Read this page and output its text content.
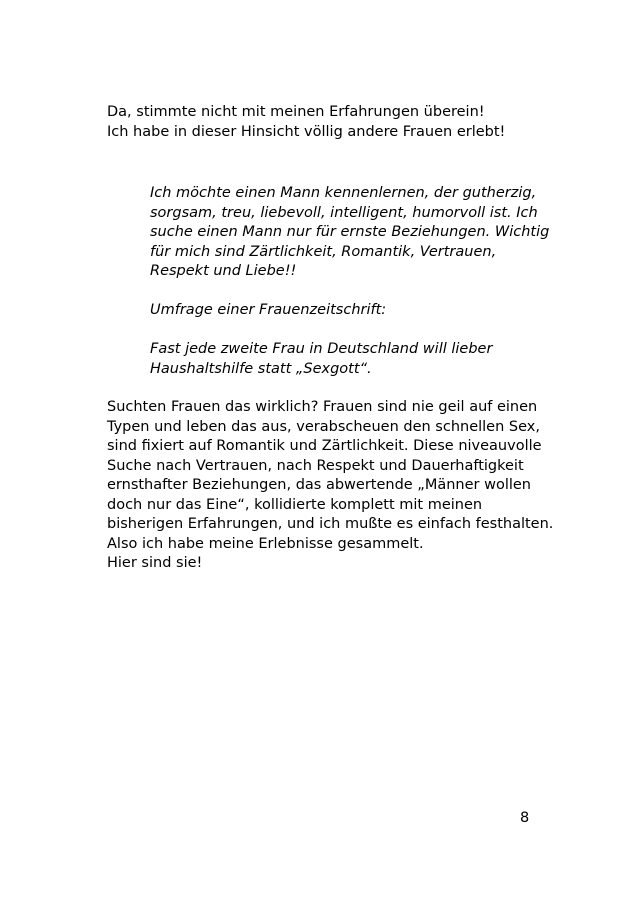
Da, stimmte nicht mit meinen Erfahrungen überein!
Ich habe in dieser Hinsicht völlig andere Frauen erlebt!

Ich möchte einen Mann kennenlernen, der gutherzig,
sorgsam, treu, liebevoll, intelligent, humorvoll ist. Ich
suche einen Mann nur für ernste Beziehungen. Wichtig
für mich sind Zärtlichkeit, Romantik, Vertrauen,
Respekt und Liebe!!

Umfrage einer Frauenzeitschrift:

Fast jede zweite Frau in Deutschland will lieber
Haushaltshilfe statt „Sexgott“.

Suchten Frauen das wirklich? Frauen sind nie geil auf einen
Typen und leben das aus, verabscheuen den schnellen Sex,
sind fixiert auf Romantik und Zärtlichkeit. Diese niveauvolle
Suche nach Vertrauen, nach Respekt und Dauerhaftigkeit
ernsthafter Beziehungen, das abwertende „Männer wollen
doch nur das Eine“, kollidierte komplett mit meinen
bisherigen Erfahrungen, und ich mußte es einfach festhalten.
Also ich habe meine Erlebnisse gesammelt.
Hier sind sie!

8
